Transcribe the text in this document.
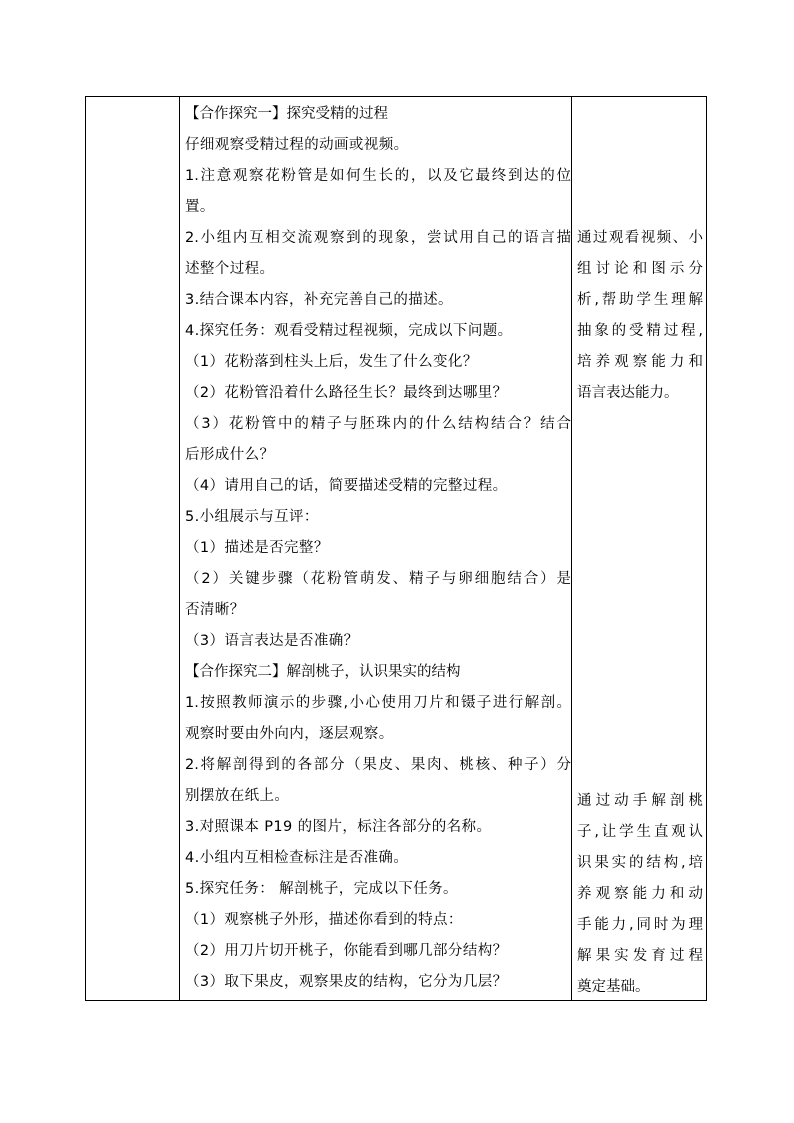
【合作探究一】探究受精的过程
仔细观察受精过程的动画或视频。
1.注意观察花粉管是如何生长的，以及它最终到达的位
置。
2.小组内互相交流观察到的现象，尝试用自己的语言描
述整个过程。
3.结合课本内容，补充完善自己的描述。
4.探究任务：观看受精过程视频，完成以下问题。
（1）花粉落到柱头上后，发生了什么变化？
（2）花粉管沿着什么路径生长？最终到达哪里？
（3）花粉管中的精子与胚珠内的什么结构结合？结合
后形成什么？
（4）请用自己的话，简要描述受精的完整过程。
5.小组展示与互评：
（1）描述是否完整？
（2）关键步骤（花粉管萌发、精子与卵细胞结合）是
否清晰？
（3）语言表达是否准确？
【合作探究二】解剖桃子，认识果实的结构
1.按照教师演示的步骤,小心使用刀片和镊子进行解剖。
观察时要由外向内，逐层观察。
2.将解剖得到的各部分（果皮、果肉、桃核、种子）分
别摆放在纸上。
3.对照课本 P19 的图片，标注各部分的名称。
4.小组内互相检查标注是否准确。
5.探究任务： 解剖桃子，完成以下任务。
（1）观察桃子外形，描述你看到的特点：
（2）用刀片切开桃子，你能看到哪几部分结构？
（3）取下果皮，观察果皮的结构，它分为几层？
通过观看视频、小
组讨论和图示分
析,帮助学生理解
抽象的受精过程,
培养观察能力和
语言表达能力。
通过动手解剖桃
子,让学生直观认
识果实的结构,培
养观察能力和动
手能力,同时为理
解果实发育过程
奠定基础。
